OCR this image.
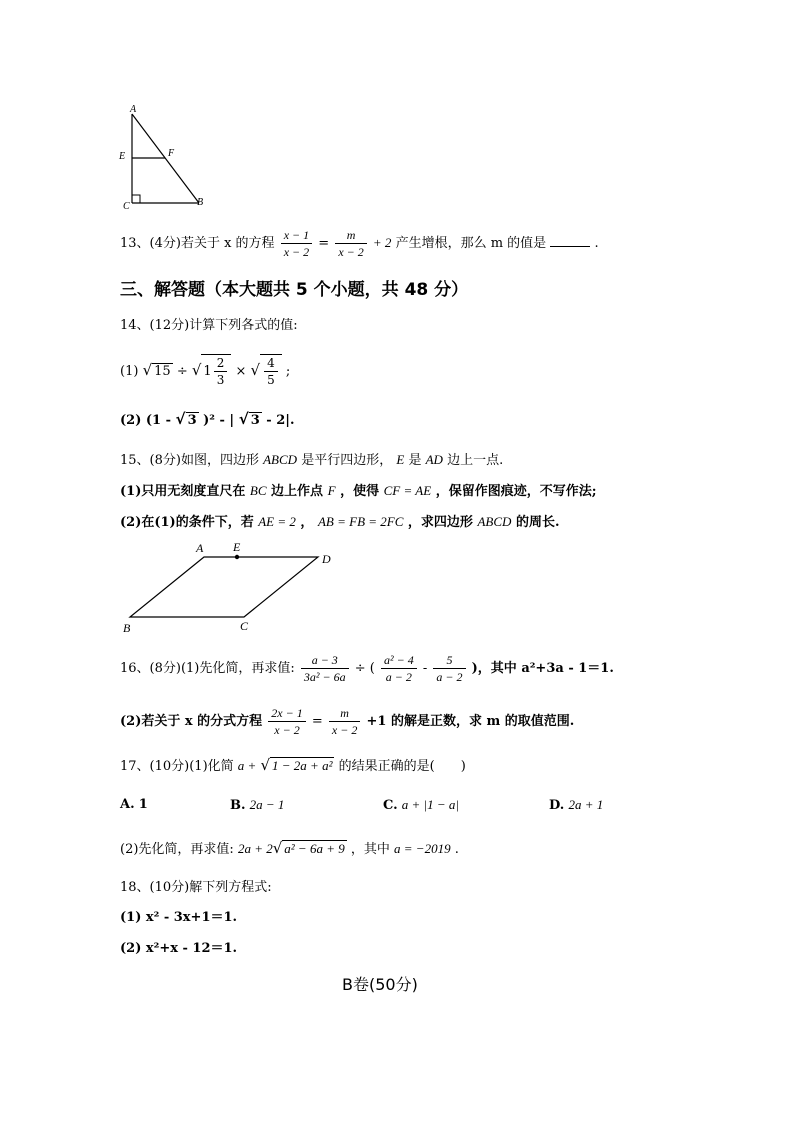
A
E	F
C	B
13、(4分)若关于 x 的方程 $\frac{x - 1}{x - 2} = \frac{m}{x - 2} + 2$ 产生增根，那么 m 的值是	.
三、解答题（本大题共 5 个小题，共 48 分）
14、(12分)计算下列各式的值:
(1) √ 15 ÷ √ $1 \frac{2}{3}$ × √ $\frac{4}{5}$ ;
(2) (1 - √ 3 )² - | √ 3 - 2|.
15、(8分)如图，四边形 ABCD 是平行四边形， E 是 AD 边上一点.
(1)只用无刻度直尺在 BC 边上作点 F ，使得 CF = AE ，保留作图痕迹，不写作法;
(2)在(1)的条件下，若 AE = 2 ， AB = FB = 2FC ，求四边形 ABCD 的周长.
A E
D
B	C
16、(8分)(1)先化简，再求值: $\frac{a - 3}{\text{3a² − 6a}}$ ÷ ( $\frac{\text{a² − 4}}{a - 2} - \frac{5}{a - 2}$ )，其中 a²+3a - 1＝1.
(2)若关于 x 的分式方程 $\frac{2x - 1}{x - 2} = \frac{m}{x - 2} +1$ 的解是正数，求 m 的取值范围.
17、(10分)(1)化简 a + √ 1 − 2a + a² 的结果正确的是(　　)
A. 1	B. 2a − 1	C. a + |1 − a|	D. 2a + 1
(2)先化简，再求值: 2a + 2√ a² − 6a + 9 ，其中 a = −2019 .
18、(10分)解下列方程式:
(1) x² - 3x+1＝1.
(2) x²+x - 12＝1.
B卷(50分)
